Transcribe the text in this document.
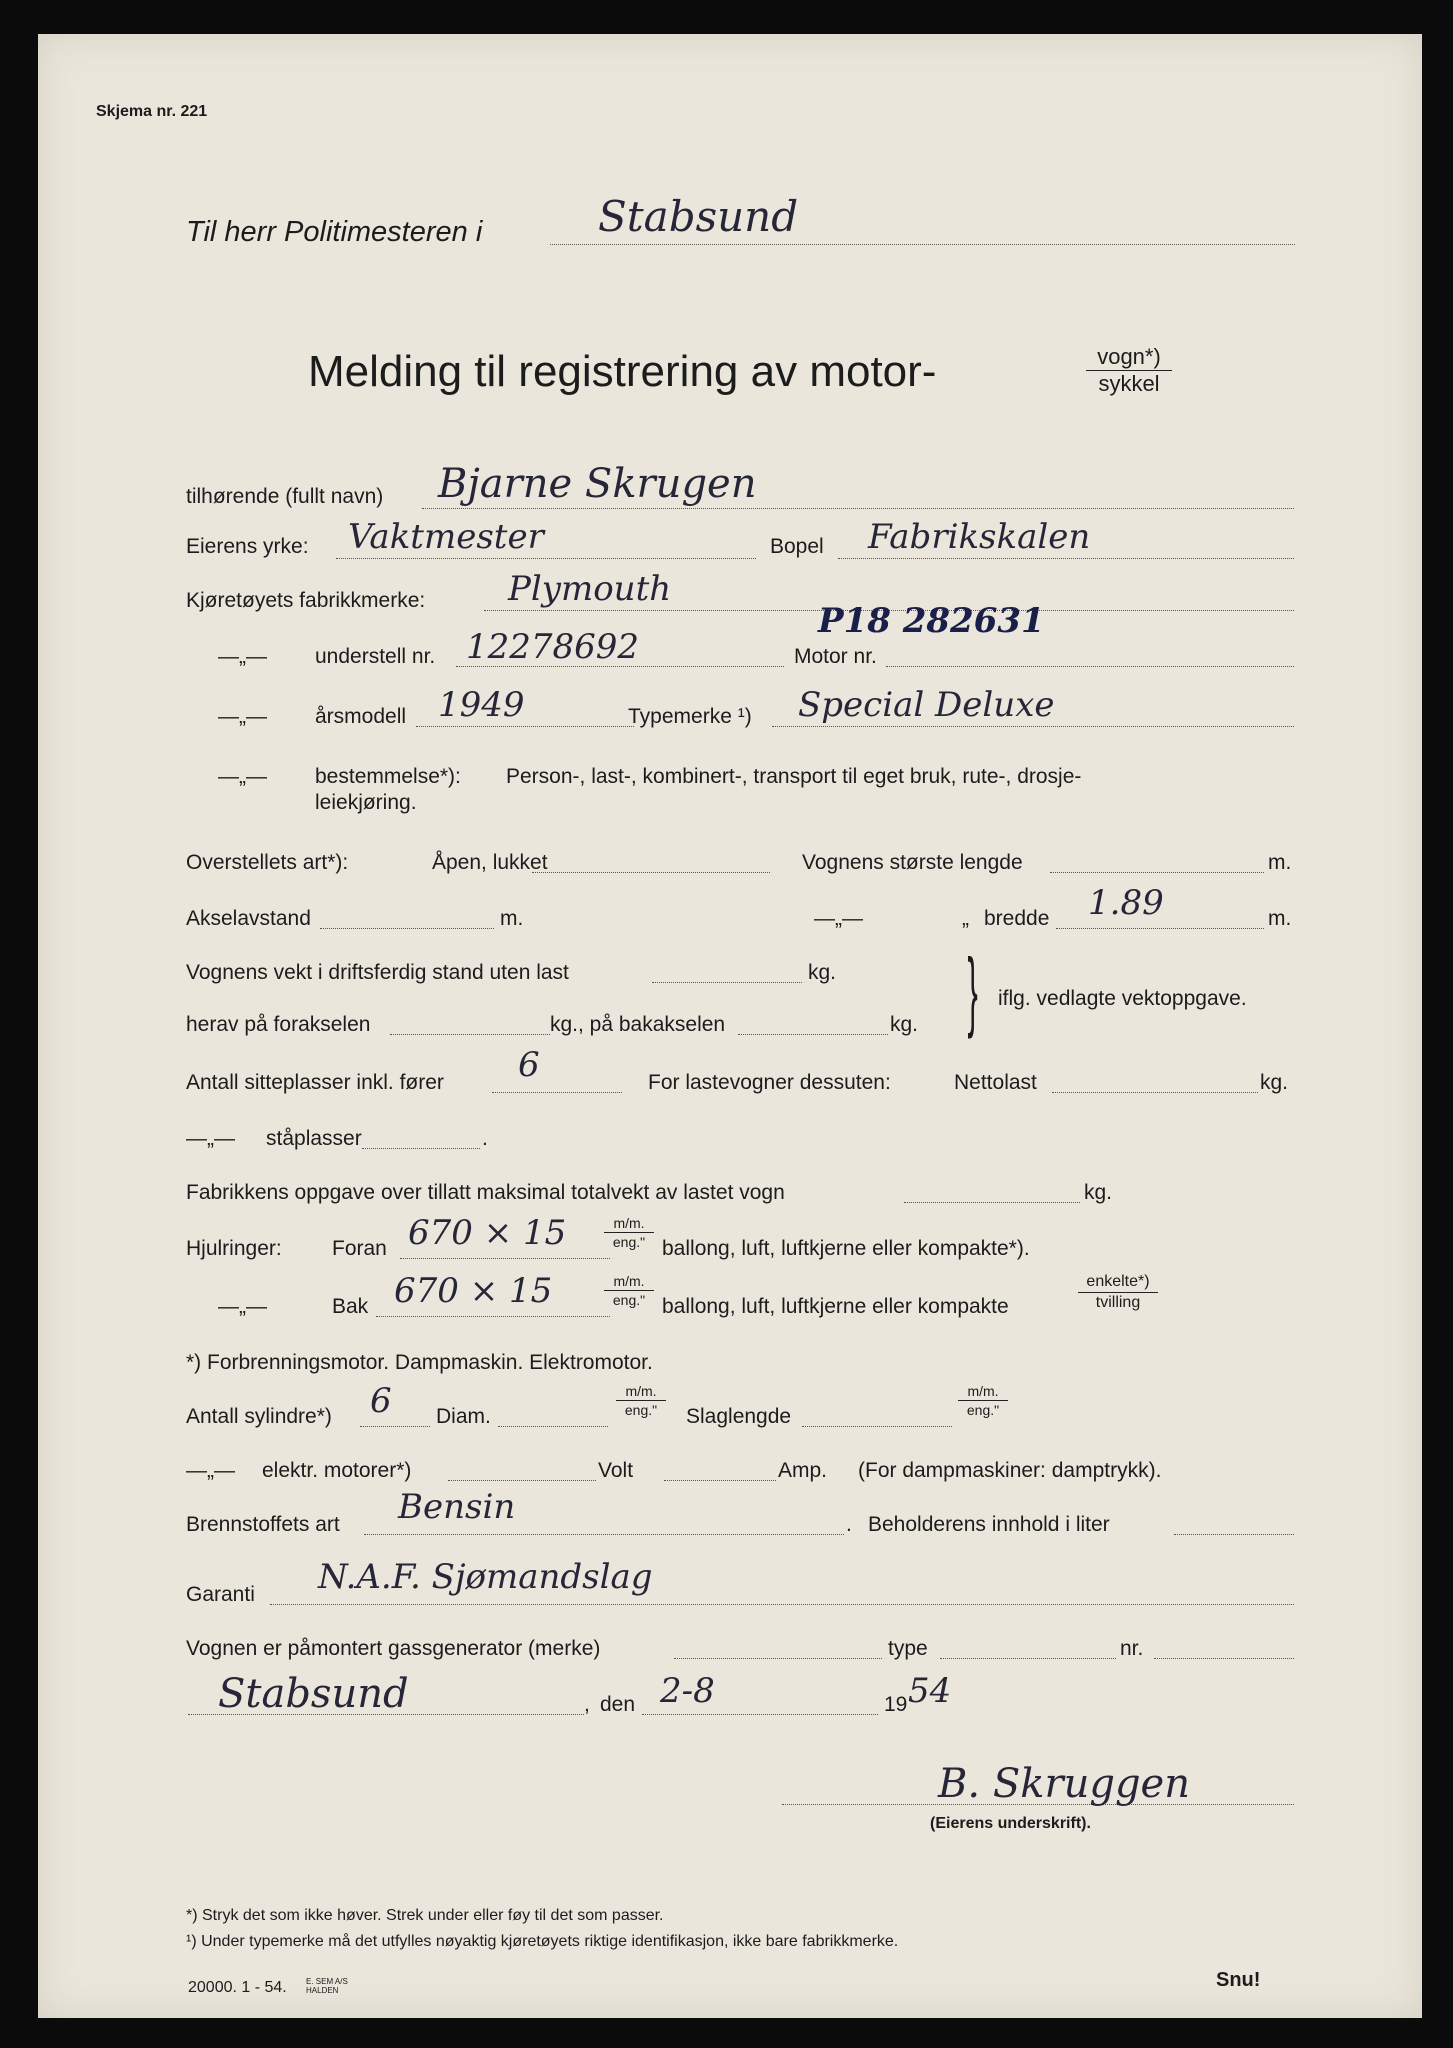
Skjema nr. 221
Til herr Politimesteren i	Stabsund
Melding til registrering av motor-	vogn*)
sykkel
tilhørende (fullt navn) Bjarne Skrugen
Eierens yrke: Vaktmester	Bopel Fabrikskalen
Kjøretøyets fabrikkmerke: Plymouth
—„— understell nr. 12278692	Motor nr.
P18 282631
—„— årsmodell 1949	Typemerke ¹) Special Deluxe
—„— bestemmelse*): Person-, last-, kombinert-, transport til eget bruk, rute-, drosje-
leiekjøring.
Overstellets art*):	Åpen, lukket	Vognens største lengde	m.
Akselavstand	m.	—„—	„ bredde 1.89	m.
Vognens vekt i driftsferdig stand uten last	kg.
herav på forakselen	kg., på bakakselen	kg. } iflg. vedlagte vektoppgave.
Antall sitteplasser inkl. fører 6	For lastevogner dessuten:	Nettolast	kg.
—„— ståplasser	.
Fabrikkens oppgave over tillatt maksimal totalvekt av lastet vogn	kg.
Hjulringer: Foran 670 × 15	m/m.
eng." ballong, luft, luftkjerne eller kompakte*).
—„—	Bak 670 × 15	m/m.
eng." ballong, luft, luftkjerne eller kompakte
enkelte*)
tvilling
*) Forbrenningsmotor. Dampmaskin. Elektromotor.
Antall sylindre*) 6 Diam.
m/m.
eng."	Slaglengde
m/m.
eng."
—„— elektr. motorer*)	Volt	Amp. (For dampmaskiner: damptrykk).
Brennstoffets art Bensin	. Beholderens innhold i liter
Garanti N.A.F. Sjømandslag
Vognen er påmontert gassgenerator (merke)	type	nr.
Stabsund	, den 2-8	19 54
B. Skruggen
(Eierens underskrift).
*) Stryk det som ikke høver. Strek under eller føy til det som passer.
¹) Under typemerke må det utfylles nøyaktig kjøretøyets riktige identifikasjon, ikke bare fabrikkmerke.
20000. 1 - 54. E. SEM A/S HALDEN	Snu!
